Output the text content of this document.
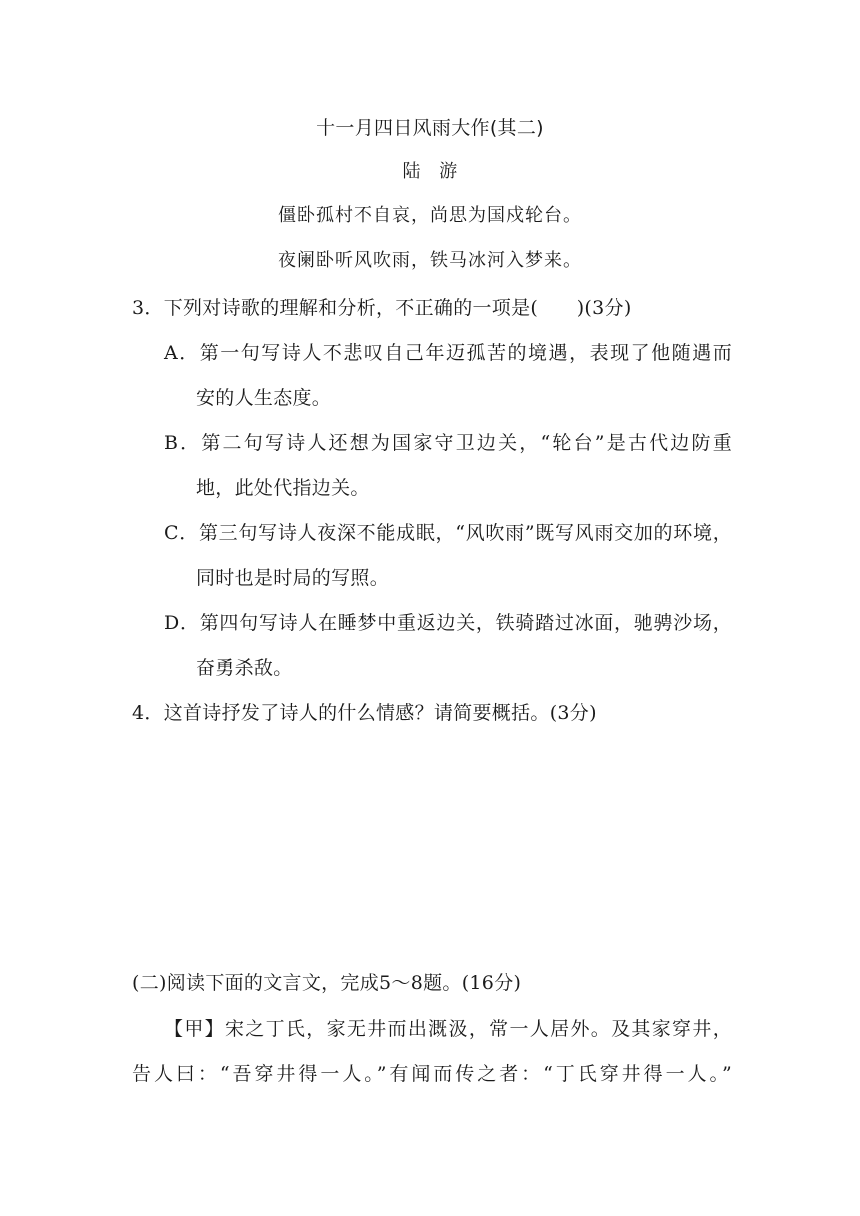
十一月四日风雨大作(其二)
陆　游
僵卧孤村不自哀，尚思为国戍轮台。
夜阑卧听风吹雨，铁马冰河入梦来。
3．下列对诗歌的理解和分析，不正确的一项是(　　)(3分)
A．第一句写诗人不悲叹自己年迈孤苦的境遇，表现了他随遇而
安的人生态度。
B．第二句写诗人还想为国家守卫边关，“轮台”是古代边防重
地，此处代指边关。
C．第三句写诗人夜深不能成眠，“风吹雨”既写风雨交加的环境，
同时也是时局的写照。
D．第四句写诗人在睡梦中重返边关，铁骑踏过冰面，驰骋沙场，
奋勇杀敌。
4．这首诗抒发了诗人的什么情感？请简要概括。(3分)
(二)阅读下面的文言文，完成5～8题。(16分)
【甲】宋之丁氏，家无井而出溉汲，常一人居外。及其家穿井，
告人曰：“吾穿井得一人。”有闻而传之者：“丁氏穿井得一人。”
